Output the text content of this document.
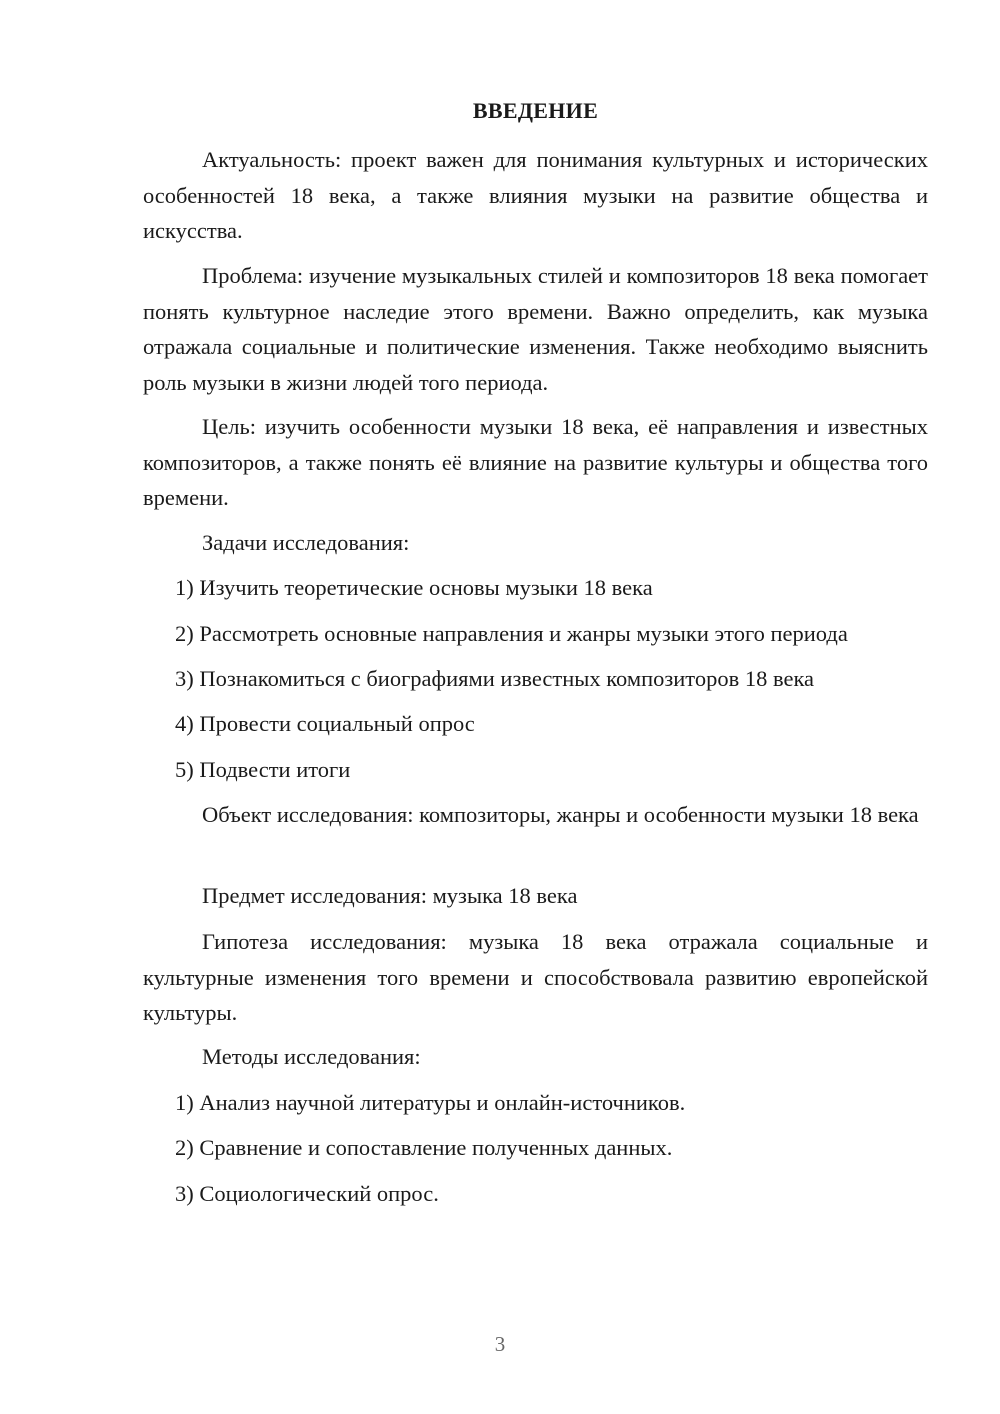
ВВЕДЕНИЕ

Актуальность: проект важен для понимания культурных и исторических особенностей 18 века, а также влияния музыки на развитие общества и искусства.

Проблема: изучение музыкальных стилей и композиторов 18 века помогает понять культурное наследие этого времени. Важно определить, как музыка отражала социальные и политические изменения. Также необходимо выяснить роль музыки в жизни людей того периода.

Цель: изучить особенности музыки 18 века, её направления и известных композиторов, а также понять её влияние на развитие культуры и общества того времени.

Задачи исследования:

1) Изучить теоретические основы музыки 18 века

2) Рассмотреть основные направления и жанры музыки этого периода

3) Познакомиться с биографиями известных композиторов 18 века

4) Провести социальный опрос

5) Подвести итоги

Объект исследования: композиторы, жанры и особенности музыки 18 века

Предмет исследования: музыка 18 века

Гипотеза исследования: музыка 18 века отражала социальные и культурные изменения того времени и способствовала развитию европейской культуры.

Методы исследования:

1) Анализ научной литературы и онлайн-источников.

2) Сравнение и сопоставление полученных данных.

3) Социологический опрос.

3
